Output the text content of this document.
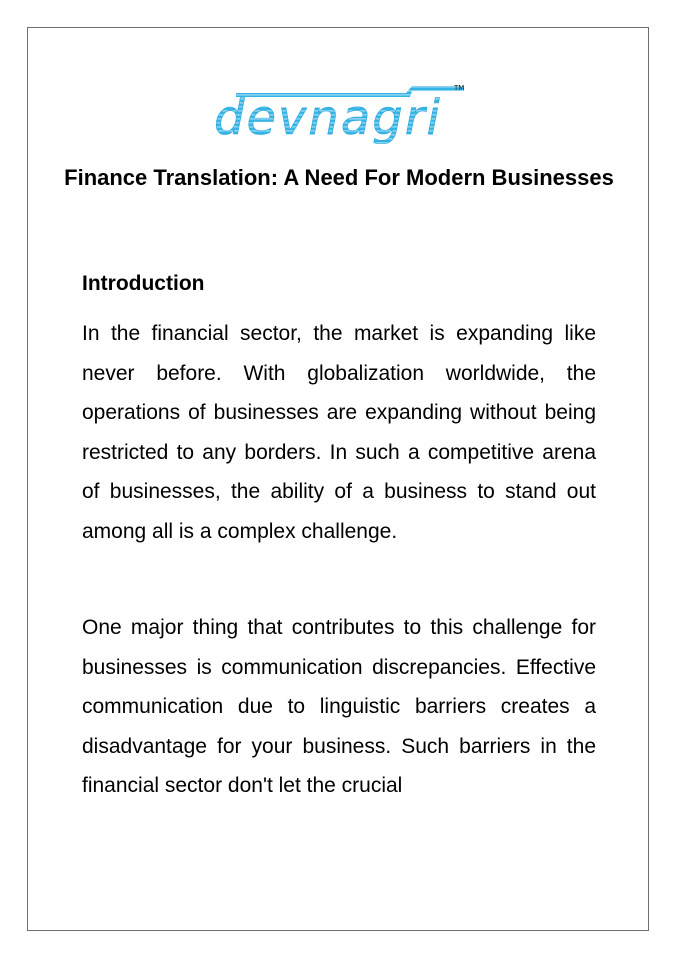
devnagri
TM
Finance Translation: A Need For Modern Businesses
Introduction

In the financial sector, the market is expanding like never before. With globalization worldwide, the operations of businesses are expanding without being restricted to any borders. In such a competitive arena of businesses, the ability of a business to stand out among all is a complex challenge.

One major thing that contributes to this challenge for businesses is communication discrepancies. Effective communication due to linguistic barriers creates a disadvantage for your business. Such barriers in the financial sector don't let the crucial
